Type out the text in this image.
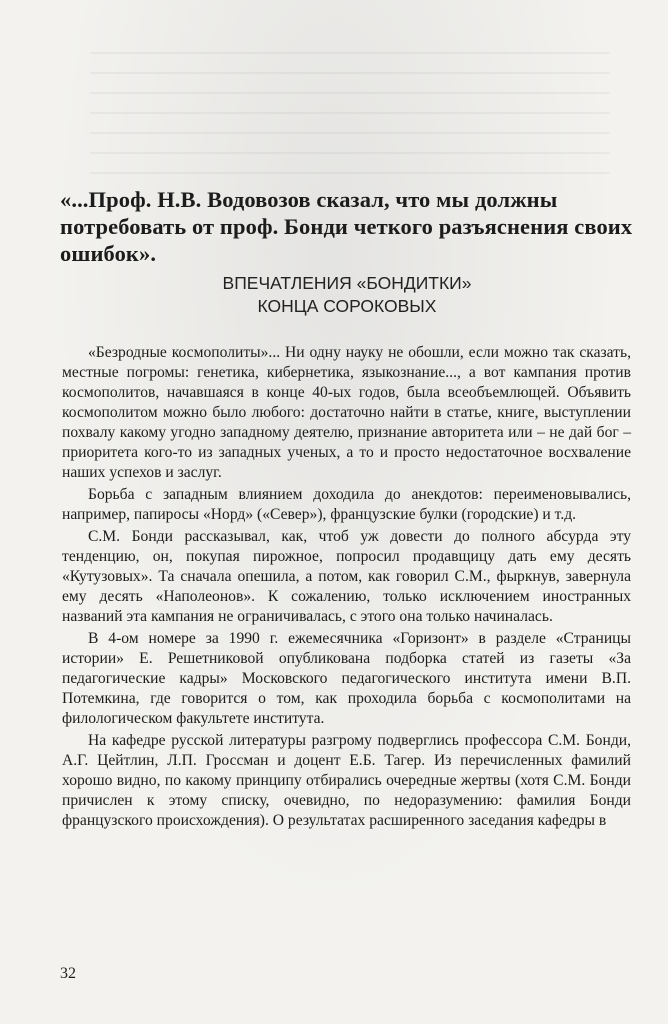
«...Проф. Н.В. Водовозов сказал, что мы должны потребовать от проф. Бонди четкого разъяснения своих ошибок».
ВПЕЧАТЛЕНИЯ «БОНДИТКИ»
КОНЦА СОРОКОВЫХ

«Безродные космополиты»... Ни одну науку не обошли, если можно так сказать, местные погромы: генетика, кибернетика, языкознание..., а вот кампания против космополитов, начавшаяся в конце 40-ых годов, была всеобъемлющей. Объявить космополитом можно было любого: достаточно найти в статье, книге, выступлении похвалу какому угодно западному деятелю, признание авторитета или – не дай бог – приоритета кого-то из западных ученых, а то и просто недостаточное восхваление наших успехов и заслуг.

Борьба с западным влиянием доходила до анекдотов: переименовывались, например, папиросы «Норд» («Север»), французские булки (городские) и т.д.

С.М. Бонди рассказывал, как, чтоб уж довести до полного абсурда эту тенденцию, он, покупая пирожное, попросил продавщицу дать ему десять «Кутузовых». Та сначала опешила, а потом, как говорил С.М., фыркнув, завернула ему десять «Наполеонов». К сожалению, только исключением иностранных названий эта кампания не ограничивалась, с этого она только начиналась.

В 4-ом номере за 1990 г. ежемесячника «Горизонт» в разделе «Страницы истории» Е. Решетниковой опубликована подборка статей из газеты «За педагогические кадры» Московского педагогического института имени В.П. Потемкина, где говорится о том, как проходила борьба с космополитами на филологическом факультете института.

На кафедре русской литературы разгрому подверглись профессора С.М. Бонди, А.Г. Цейтлин, Л.П. Гроссман и доцент Е.Б. Тагер. Из перечисленных фамилий хорошо видно, по какому принципу отбирались очередные жертвы (хотя С.М. Бонди причислен к этому списку, очевидно, по недоразумению: фамилия Бонди французского происхождения). О результатах расширенного заседания кафедры в

32
